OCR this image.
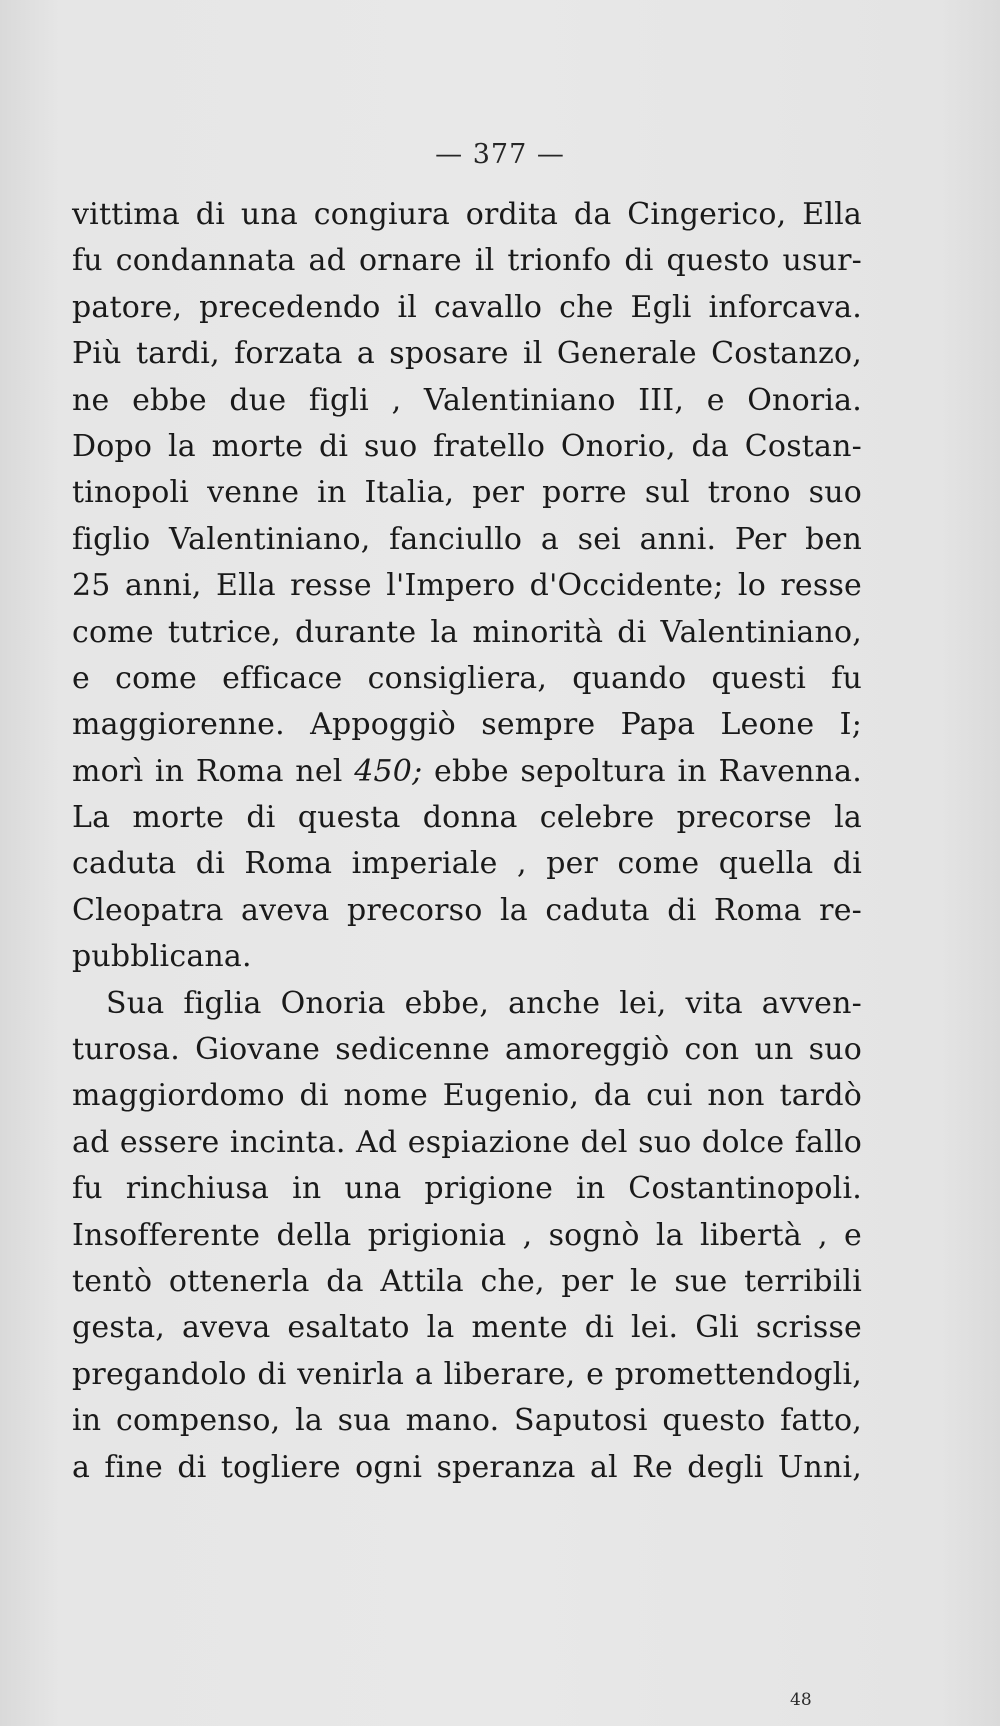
— 377 —
vittima di una congiura ordita da Cingerico, Ella
fu condannata ad ornare il trionfo di questo usur-
patore, precedendo il cavallo che Egli inforcava.
Più tardi, forzata a sposare il Generale Costanzo,
ne ebbe due figli , Valentiniano III, e Onoria.
Dopo la morte di suo fratello Onorio, da Costan-
tinopoli venne in Italia, per porre sul trono suo
figlio Valentiniano, fanciullo a sei anni. Per ben
25 anni, Ella resse l'Impero d'Occidente; lo resse
come tutrice, durante la minorità di Valentiniano,
e come efficace consigliera, quando questi fu
maggiorenne. Appoggiò sempre Papa Leone I;
morì in Roma nel 450; ebbe sepoltura in Ravenna.
La morte di questa donna celebre precorse la
caduta di Roma imperiale , per come quella di
Cleopatra aveva precorso la caduta di Roma re-
pubblicana.
Sua figlia Onoria ebbe, anche lei, vita avven-
turosa. Giovane sedicenne amoreggiò con un suo
maggiordomo di nome Eugenio, da cui non tardò
ad essere incinta. Ad espiazione del suo dolce fallo
fu rinchiusa in una prigione in Costantinopoli.
Insofferente della prigionia , sognò la libertà , e
tentò ottenerla da Attila che, per le sue terribili
gesta, aveva esaltato la mente di lei. Gli scrisse
pregandolo di venirla a liberare, e promettendogli,
in compenso, la sua mano. Saputosi questo fatto,
a fine di togliere ogni speranza al Re degli Unni,
48
